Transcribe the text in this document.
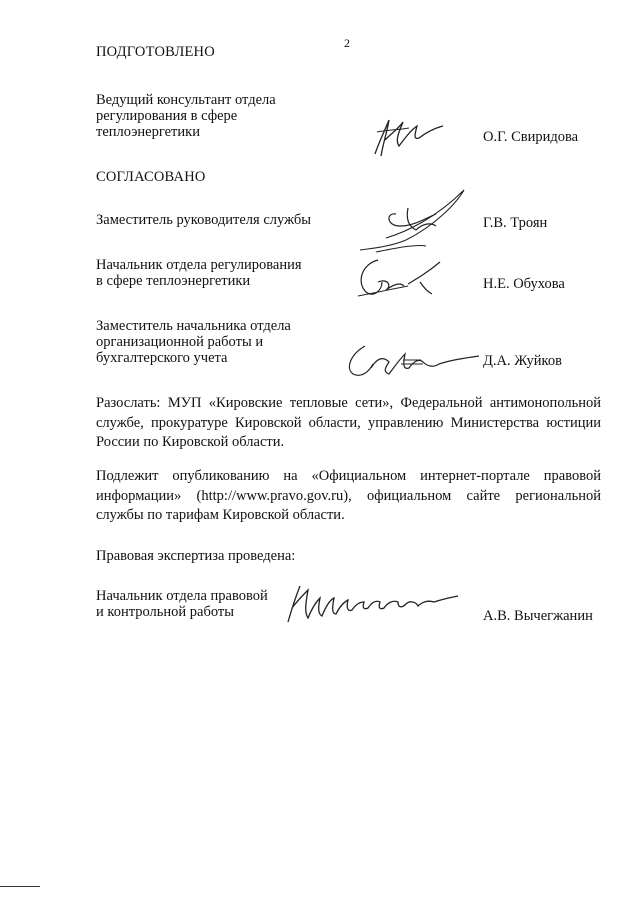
2
ПОДГОТОВЛЕНО
Ведущий консультант отдела
регулирования в сфере
теплоэнергетики	О.Г. Свиридова
СОГЛАСОВАНО
Заместитель руководителя службы	Г.В. Троян
Начальник отдела регулирования
в сфере теплоэнергетики	Н.Е. Обухова
Заместитель начальника отдела
организационной работы и
бухгалтерского учета	Д.А. Жуйков
Разослать: МУП «Кировские тепловые сети», Федеральной антимонопольной службе, прокуратуре Кировской области, управлению Министерства юстиции России по Кировской области.
Подлежит опубликованию на «Официальном интернет-портале правовой информации» (http://www.pravo.gov.ru), официальном сайте региональной службы по тарифам Кировской области.
Правовая экспертиза проведена:
Начальник отдела правовой
и контрольной работы	А.В. Вычегжанин
